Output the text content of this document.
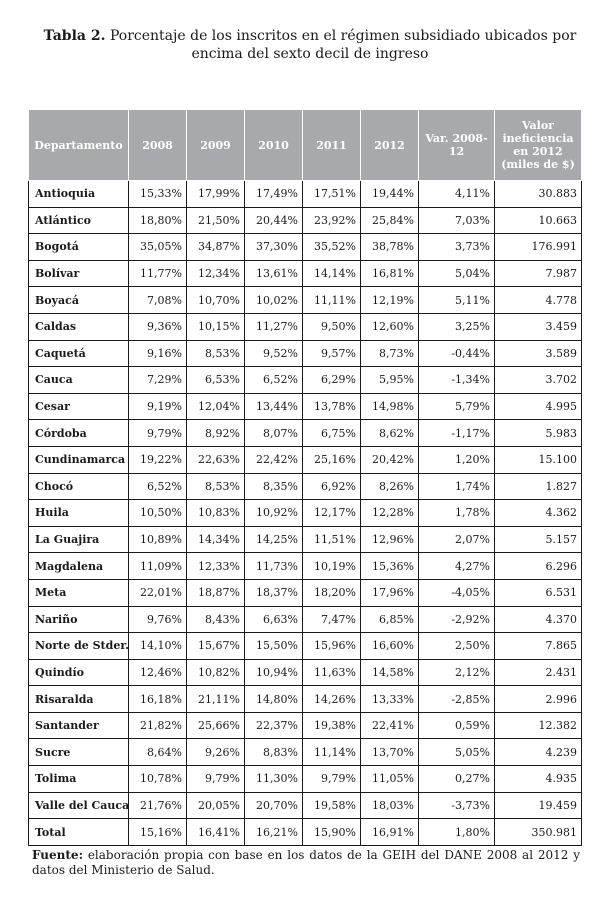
Tabla 2. Porcentaje de los inscritos en el régimen subsidiado ubicados por encima del sexto decil de ingreso
Departamento	2008	2009	2010	2011	2012	Var. 2008-12	Valor ineficiencia en 2012 (miles de $)
Antioquia	15,33%	17,99%	17,49%	17,51%	19,44%	4,11%	30.883
Atlántico	18,80%	21,50%	20,44%	23,92%	25,84%	7,03%	10.663
Bogotá	35,05%	34,87%	37,30%	35,52%	38,78%	3,73%	176.991
Bolívar	11,77%	12,34%	13,61%	14,14%	16,81%	5,04%	7.987
Boyacá	7,08%	10,70%	10,02%	11,11%	12,19%	5,11%	4.778
Caldas	9,36%	10,15%	11,27%	9,50%	12,60%	3,25%	3.459
Caquetá	9,16%	8,53%	9,52%	9,57%	8,73%	-0,44%	3.589
Cauca	7,29%	6,53%	6,52%	6,29%	5,95%	-1,34%	3.702
Cesar	9,19%	12,04%	13,44%	13,78%	14,98%	5,79%	4.995
Córdoba	9,79%	8,92%	8,07%	6,75%	8,62%	-1,17%	5.983
Cundinamarca	19,22%	22,63%	22,42%	25,16%	20,42%	1,20%	15.100
Chocó	6,52%	8,53%	8,35%	6,92%	8,26%	1,74%	1.827
Huila	10,50%	10,83%	10,92%	12,17%	12,28%	1,78%	4.362
La Guajira	10,89%	14,34%	14,25%	11,51%	12,96%	2,07%	5.157
Magdalena	11,09%	12,33%	11,73%	10,19%	15,36%	4,27%	6.296
Meta	22,01%	18,87%	18,37%	18,20%	17,96%	-4,05%	6.531
Nariño	9,76%	8,43%	6,63%	7,47%	6,85%	-2,92%	4.370
Norte de Stder.	14,10%	15,67%	15,50%	15,96%	16,60%	2,50%	7.865
Quindío	12,46%	10,82%	10,94%	11,63%	14,58%	2,12%	2.431
Risaralda	16,18%	21,11%	14,80%	14,26%	13,33%	-2,85%	2.996
Santander	21,82%	25,66%	22,37%	19,38%	22,41%	0,59%	12.382
Sucre	8,64%	9,26%	8,83%	11,14%	13,70%	5,05%	4.239
Tolima	10,78%	9,79%	11,30%	9,79%	11,05%	0,27%	4.935
Valle del Cauca	21,76%	20,05%	20,70%	19,58%	18,03%	-3,73%	19.459
Total	15,16%	16,41%	16,21%	15,90%	16,91%	1,80%	350.981
Fuente: elaboración propia con base en los datos de la GEIH del DANE 2008 al 2012 y datos del Ministerio de Salud.
